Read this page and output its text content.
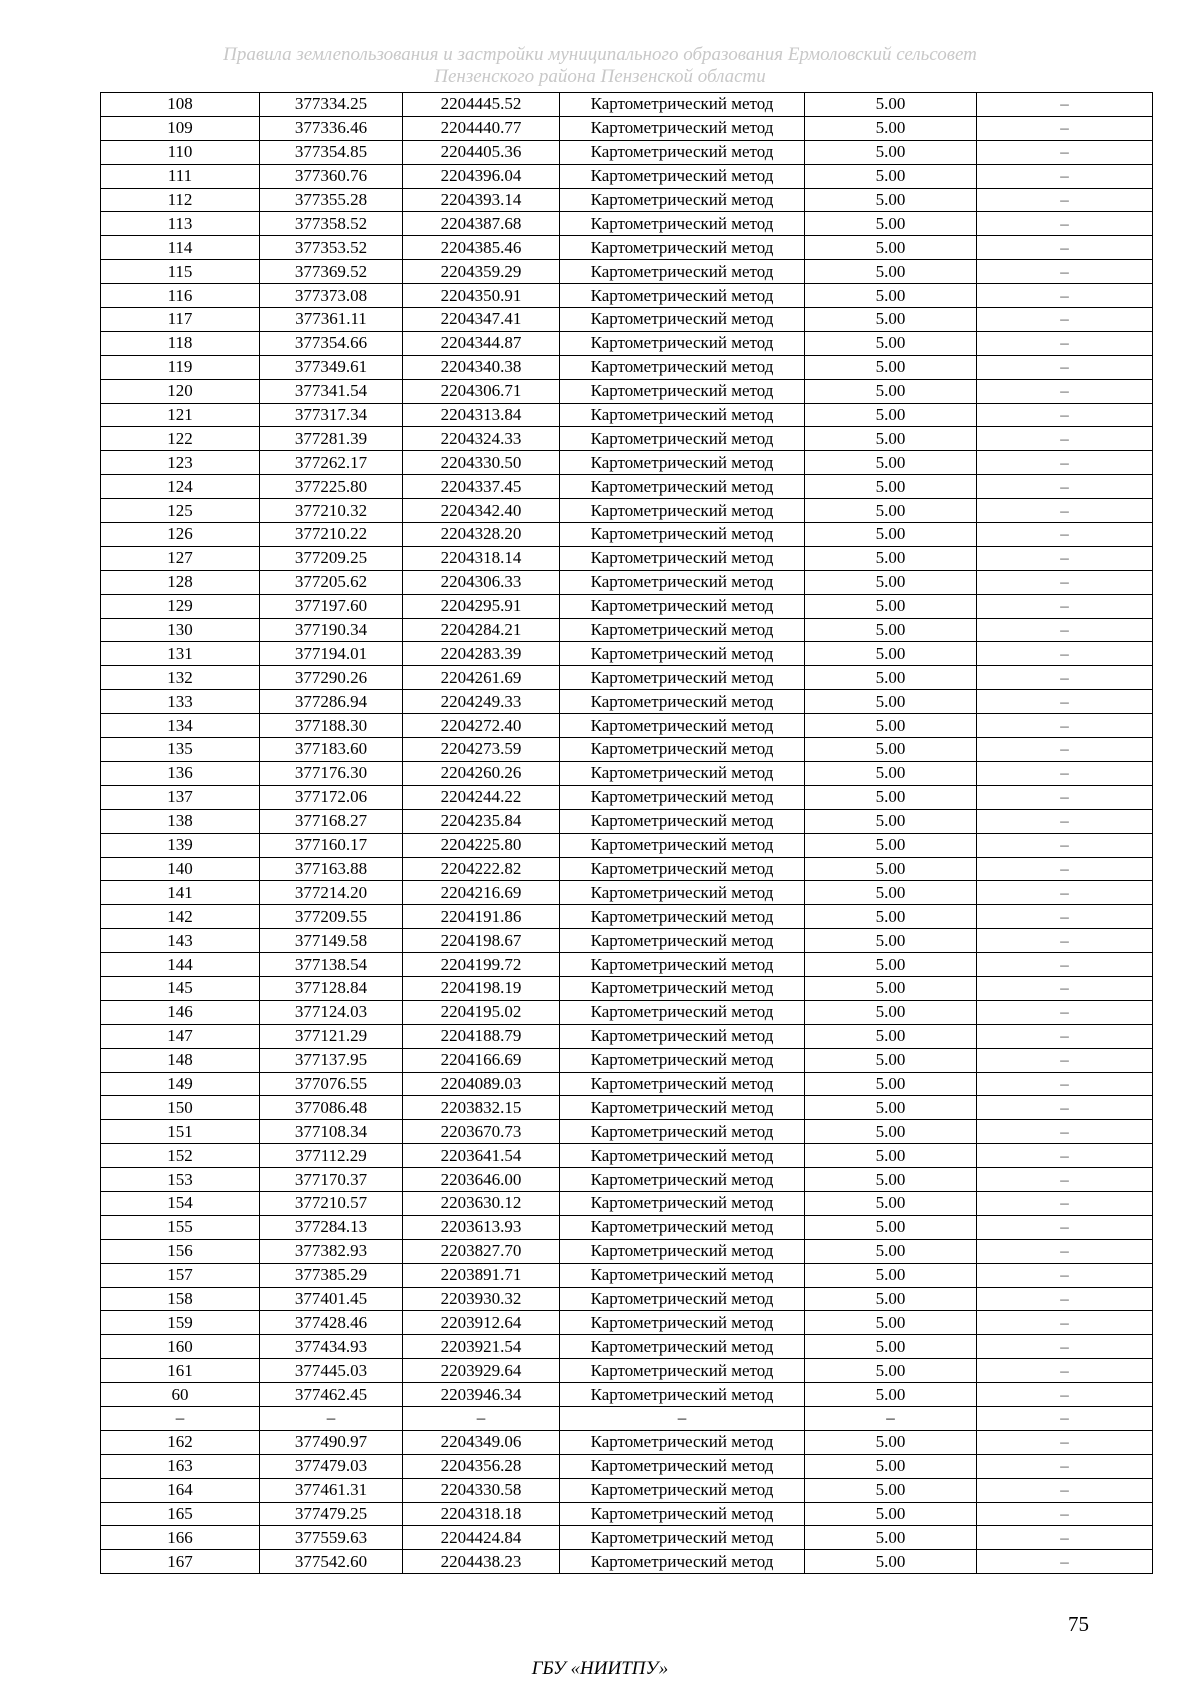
Правила землепользования и застройки муниципального образования Ермоловский сельсовет
Пензенского района Пензенской области
108	377334.25	2204445.52	Картометрический метод	5.00	–
109	377336.46	2204440.77	Картометрический метод	5.00	–
110	377354.85	2204405.36	Картометрический метод	5.00	–
111	377360.76	2204396.04	Картометрический метод	5.00	–
112	377355.28	2204393.14	Картометрический метод	5.00	–
113	377358.52	2204387.68	Картометрический метод	5.00	–
114	377353.52	2204385.46	Картометрический метод	5.00	–
115	377369.52	2204359.29	Картометрический метод	5.00	–
116	377373.08	2204350.91	Картометрический метод	5.00	–
117	377361.11	2204347.41	Картометрический метод	5.00	–
118	377354.66	2204344.87	Картометрический метод	5.00	–
119	377349.61	2204340.38	Картометрический метод	5.00	–
120	377341.54	2204306.71	Картометрический метод	5.00	–
121	377317.34	2204313.84	Картометрический метод	5.00	–
122	377281.39	2204324.33	Картометрический метод	5.00	–
123	377262.17	2204330.50	Картометрический метод	5.00	–
124	377225.80	2204337.45	Картометрический метод	5.00	–
125	377210.32	2204342.40	Картометрический метод	5.00	–
126	377210.22	2204328.20	Картометрический метод	5.00	–
127	377209.25	2204318.14	Картометрический метод	5.00	–
128	377205.62	2204306.33	Картометрический метод	5.00	–
129	377197.60	2204295.91	Картометрический метод	5.00	–
130	377190.34	2204284.21	Картометрический метод	5.00	–
131	377194.01	2204283.39	Картометрический метод	5.00	–
132	377290.26	2204261.69	Картометрический метод	5.00	–
133	377286.94	2204249.33	Картометрический метод	5.00	–
134	377188.30	2204272.40	Картометрический метод	5.00	–
135	377183.60	2204273.59	Картометрический метод	5.00	–
136	377176.30	2204260.26	Картометрический метод	5.00	–
137	377172.06	2204244.22	Картометрический метод	5.00	–
138	377168.27	2204235.84	Картометрический метод	5.00	–
139	377160.17	2204225.80	Картометрический метод	5.00	–
140	377163.88	2204222.82	Картометрический метод	5.00	–
141	377214.20	2204216.69	Картометрический метод	5.00	–
142	377209.55	2204191.86	Картометрический метод	5.00	–
143	377149.58	2204198.67	Картометрический метод	5.00	–
144	377138.54	2204199.72	Картометрический метод	5.00	–
145	377128.84	2204198.19	Картометрический метод	5.00	–
146	377124.03	2204195.02	Картометрический метод	5.00	–
147	377121.29	2204188.79	Картометрический метод	5.00	–
148	377137.95	2204166.69	Картометрический метод	5.00	–
149	377076.55	2204089.03	Картометрический метод	5.00	–
150	377086.48	2203832.15	Картометрический метод	5.00	–
151	377108.34	2203670.73	Картометрический метод	5.00	–
152	377112.29	2203641.54	Картометрический метод	5.00	–
153	377170.37	2203646.00	Картометрический метод	5.00	–
154	377210.57	2203630.12	Картометрический метод	5.00	–
155	377284.13	2203613.93	Картометрический метод	5.00	–
156	377382.93	2203827.70	Картометрический метод	5.00	–
157	377385.29	2203891.71	Картометрический метод	5.00	–
158	377401.45	2203930.32	Картометрический метод	5.00	–
159	377428.46	2203912.64	Картометрический метод	5.00	–
160	377434.93	2203921.54	Картометрический метод	5.00	–
161	377445.03	2203929.64	Картометрический метод	5.00	–
60	377462.45	2203946.34	Картометрический метод	5.00	–
–	–	–	–	–	–
162	377490.97	2204349.06	Картометрический метод	5.00	–
163	377479.03	2204356.28	Картометрический метод	5.00	–
164	377461.31	2204330.58	Картометрический метод	5.00	–
165	377479.25	2204318.18	Картометрический метод	5.00	–
166	377559.63	2204424.84	Картометрический метод	5.00	–
167	377542.60	2204438.23	Картометрический метод	5.00	–
75
ГБУ «НИИТПУ»
